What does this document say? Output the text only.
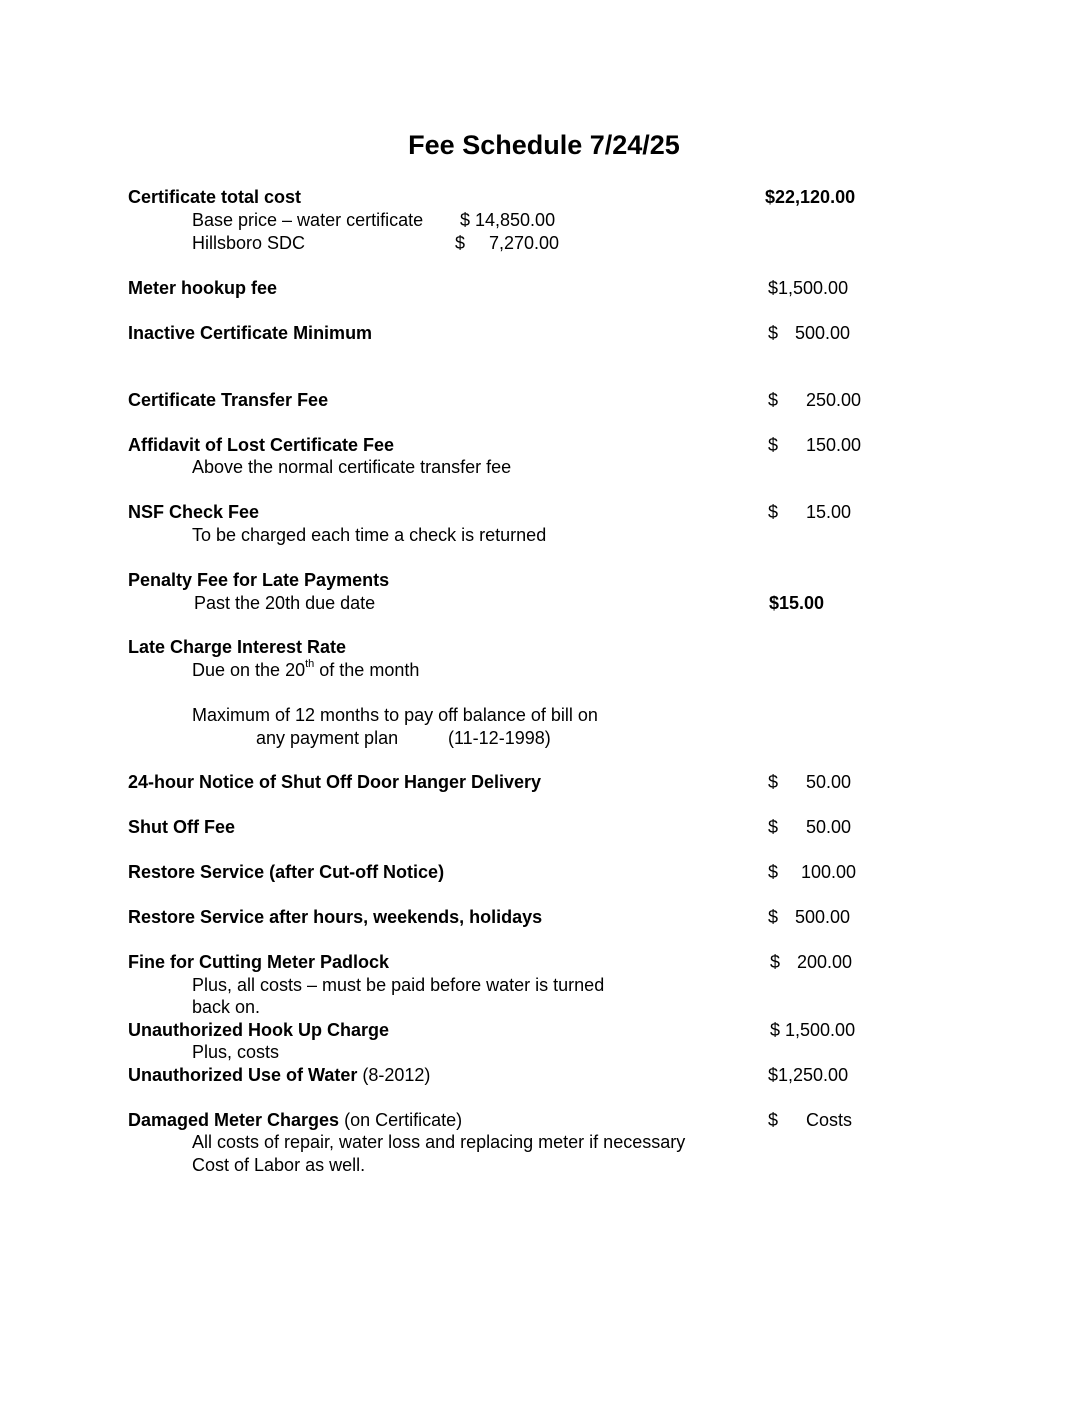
Fee Schedule 7/24/25
Certificate total cost	$22,120.00
Base price – water certificate $ 14,850.00
Hillsboro SDC	$ 7,270.00
Meter hookup fee	$1,500.00
Inactive Certificate Minimum	$ 500.00
Certificate Transfer Fee	$ 250.00
Affidavit of Lost Certificate Fee	$ 150.00
Above the normal certificate transfer fee
NSF Check Fee	$ 15.00
To be charged each time a check is returned
Penalty Fee for Late Payments
Past the 20th due date	$15.00
Late Charge Interest Rate
Due on the 20th of the month
Maximum of 12 months to pay off balance of bill on
any payment plan	(11-12-1998)
24-hour Notice of Shut Off Door Hanger Delivery	$ 50.00
Shut Off Fee	$ 50.00
Restore Service (after Cut-off Notice)	$ 100.00
Restore Service after hours, weekends, holidays	$ 500.00
Fine for Cutting Meter Padlock	$ 200.00
Plus, all costs – must be paid before water is turned
back on.
Unauthorized Hook Up Charge	$ 1,500.00
Plus, costs
Unauthorized Use of Water (8-2012)	$1,250.00
Damaged Meter Charges (on Certificate)	$ Costs
All costs of repair, water loss and replacing meter if necessary
Cost of Labor as well.
